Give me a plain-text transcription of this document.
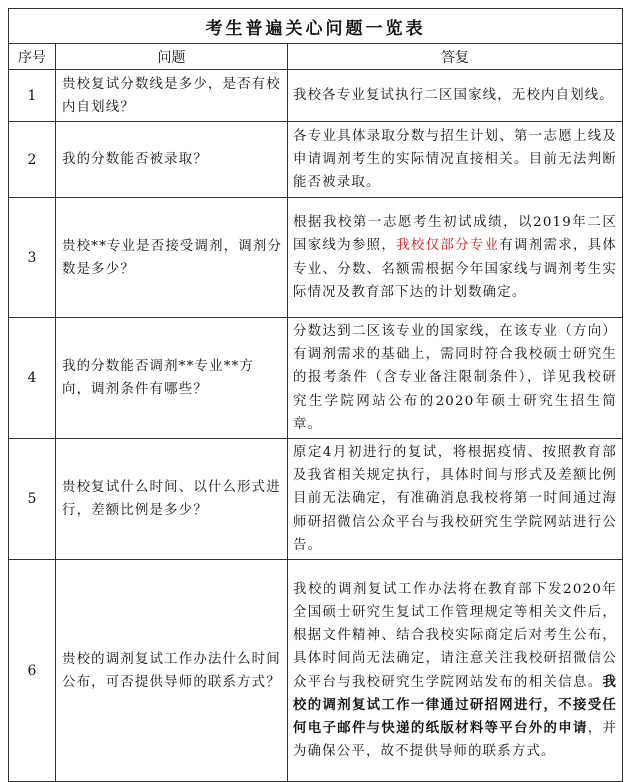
考生普遍关心问题一览表		
序号	问题	答复
1	贵校复试分数线是多少，是否有校内自划线？	我校各专业复试执行二区国家线，无校内自划线。
2	我的分数能否被录取？	各专业具体录取分数与招生计划、第一志愿上线及申请调剂考生的实际情况直接相关。目前无法判断能否被录取。
3	贵校**专业是否接受调剂，调剂分数是多少？	根据我校第一志愿考生初试成绩，以2019年二区国家线为参照，我校仅部分专业有调剂需求，具体专业、分数、名额需根据今年国家线与调剂考生实际情况及教育部下达的计划数确定。
4	我的分数能否调剂**专业**方向，调剂条件有哪些？	分数达到二区该专业的国家线，在该专业（方向）有调剂需求的基础上，需同时符合我校硕士研究生的报考条件（含专业备注限制条件），详见我校研究生学院网站公布的2020年硕士研究生招生简章。
5	贵校复试什么时间、以什么形式进行，差额比例是多少？	原定4月初进行的复试，将根据疫情、按照教育部及我省相关规定执行，具体时间与形式及差额比例目前无法确定，有准确消息我校将第一时间通过海师研招微信公众平台与我校研究生学院网站进行公告。
6	贵校的调剂复试工作办法什么时间公布，可否提供导师的联系方式？	我校的调剂复试工作办法将在教育部下发2020年全国硕士研究生复试工作管理规定等相关文件后，根据文件精神、结合我校实际商定后对考生公布，具体时间尚无法确定，请注意关注我校研招微信公众平台与我校研究生学院网站发布的相关信息。我校的调剂复试工作一律通过研招网进行，不接受任何电子邮件与快递的纸版材料等平台外的申请，并为确保公平，故不提供导师的联系方式。
